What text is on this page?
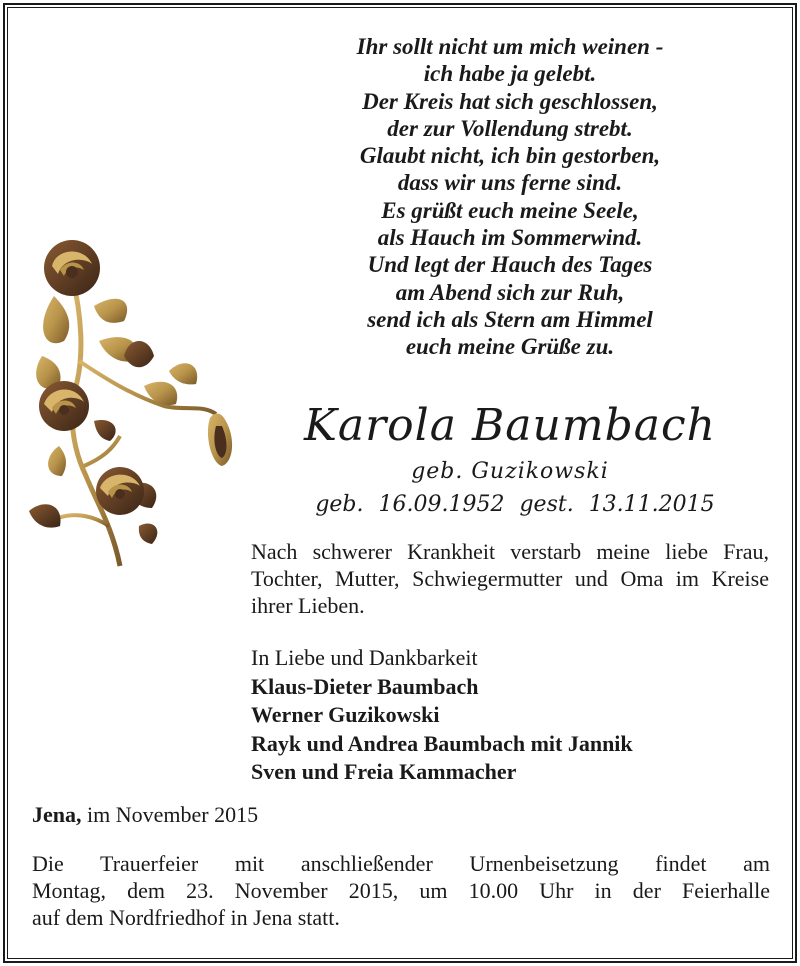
Ihr sollt nicht um mich weinen -
ich habe ja gelebt.
Der Kreis hat sich geschlossen,
der zur Vollendung strebt.
Glaubt nicht, ich bin gestorben,
dass wir uns ferne sind.
Es grüßt euch meine Seele,
als Hauch im Sommerwind.
Und legt der Hauch des Tages
am Abend sich zur Ruh,
send ich als Stern am Himmel
euch meine Grüße zu.
Karola Baumbach
geb. Guzikowski
geb. 16.09.1952 gest. 13.11.2015
Nach schwerer Krankheit verstarb meine liebe Frau, Tochter, Mutter, Schwiegermutter und Oma im Kreise ihrer Lieben.
In Liebe und Dankbarkeit
Klaus-Dieter Baumbach
Werner Guzikowski
Rayk und Andrea Baumbach mit Jannik
Sven und Freia Kammacher
Jena, im November 2015
Die Trauerfeier mit anschließender Urnenbeisetzung findet am
Montag, dem 23. November 2015, um 10.00 Uhr in der Feierhalle
auf dem Nordfriedhof in Jena statt.
